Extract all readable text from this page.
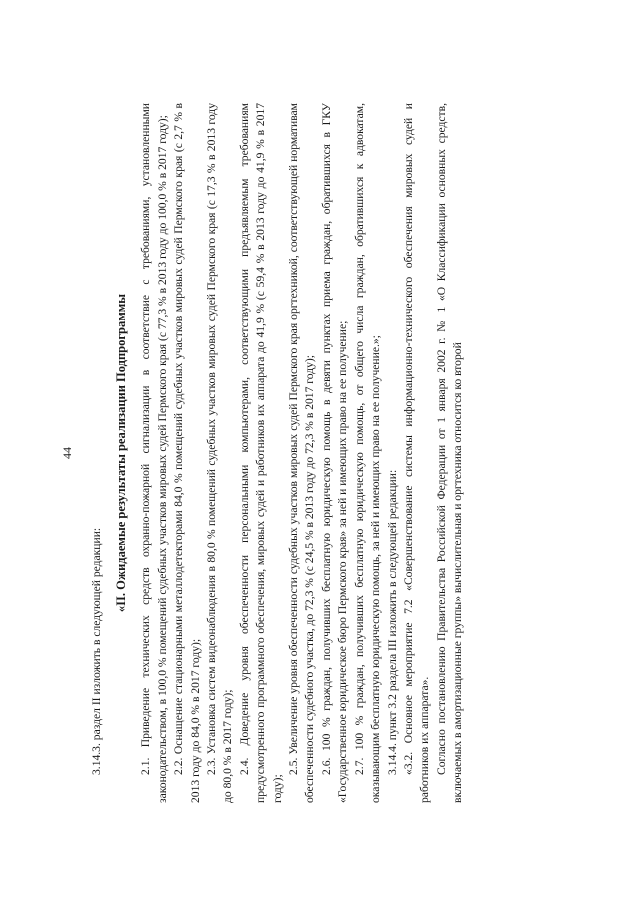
44

3.14.3. раздел II изложить в следующей редакции:

«II. Ожидаемые результаты реализации Подпрограммы 2.1. Приведение технических средств охранно-пожарной сигнализации в соответствие с требованиями, установленными законодательством, в 100,0 % помещений судебных участков мировых судей Пермского края (с 77,3 % в 2013 году до 100,0 % в 2017 году); 2.2. Оснащение стационарными металлодетекторами 84,0 % помещений судебных участков мировых судей Пермского края (с 2,7 % в 2013 году до 84,0 % в 2017 году); 2.3. Установка систем видеонаблюдения в 80,0 % помещений судебных участков мировых судей Пермского края (с 17,3 % в 2013 году до 80,0 % в 2017 году); 2.4. Доведение уровня обеспеченности персональными компьютерами, соответствующими предъявляемым требованиям предусмотренного программного обеспечения, мировых судей и работников их аппарата до 41,9 % (с 59,4 % в 2013 году до 41,9 % в 2017 году);

2.5. Увеличение уровня обеспеченности судебных участков мировых судей Пермского края оргтехникой, соответствующей нормативам обеспеченности судебного участка, до 72,3 % (с 24,5 % в 2013 году до 72,3 % в 2017 году); 2.6. 100 % граждан, получивших бесплатную юридическую помощь в девяти пунктах приема граждан, обратившихся в ГКУ «Государственное юридическое бюро Пермского края» за ней и имеющих право на ее получение; 2.7. 100 % граждан, получивших бесплатную юридическую помощь, от общего числа граждан, обратившихся к адвокатам, оказывающим бесплатную юридическую помощь, за ней и имеющих право на ее получение.»; 3.14.4. пункт 3.2 раздела III изложить в следующей редакции: «3.2. Основное мероприятие 7.2 «Совершенствование системы информационно-технического обеспечения мировых судей и работников их аппарата». Согласно постановлению Правительства Российской Федерации от 1 января 2002 г. № 1 «О Классификации основных средств, включаемых в амортизационные группы» вычислительная и оргтехника относится ко второй
